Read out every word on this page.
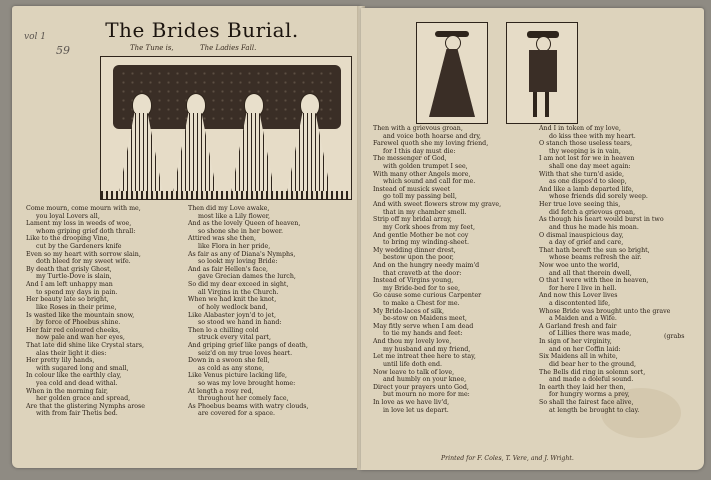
vol 1
59
The Brides Burial.
The Tune is,	The Ladies Fall.
Come mourn, come mourn with me,
you loyal Lovers all,
Lament my loss in weeds of woe,
whom griping grief doth thrall:
Like to the drooping Vine,
cut by the Gardeners knife
Even so my heart with sorrow slain,
doth bleed for my sweet wife.
By death that grisly Ghost,
my Turtle-Dove is slain,
And I am left unhappy man
to spend my days in pain.
Her beauty late so bright,
like Roses in their prime,
Is wasted like the mountain snow,
by force of Phoebus shine.
Her fair red coloured cheeks,
now pale and wan her eyes,
That late did shine like Crystal stars,
alas their light it dies:
Her pretty lily hands,
with sugared long and small,
In colour like the earthly clay,
yea cold and dead withal.
When in the morning fair,
her golden grace and spread,
Are that the glistering Nymphs arose
with from fair Thetis bed.
Then did my Love awake,
most like a Lily flower,
And as the lovely Queen of heaven,
so shone she in her bower.
Attired was she then,
like Flora in her pride,
As fair as any of Diana's Nymphs,
so lookt my loving Bride:
And as fair Hellen's face,
gave Grecian dames the lurch,
So did my dear exceed in sight,
all Virgins in the Church.
When we had knit the knot,
of holy wedlock band,
Like Alabaster joyn'd to jet,
so stood we hand in hand:
Then lo a chilling cold
struck every vital part,
And griping grief like pangs of death,
seiz'd on my true loves heart.
Down in a swoon she fell,
as cold as any stone,
Like Venus picture lacking life,
so was my love brought home:
At length a rosy red,
throughout her comely face,
As Phoebus beams with watry clouds,
are covered for a space.
Then with a grievous groan,
and voice both hoarse and dry,
Farewel quoth she my loving friend,
for I this day must die:
The messenger of God,
with golden trumpet I see,
With many other Angels more,
which sound and call for me.
Instead of musick sweet
go toll my passing bell,
And with sweet flowers strow my grave,
that in my chamber smell.
Strip off my bridal array,
my Cork shoes from my feet,
And gentle Mother be not coy
to bring my winding-sheet.
My wedding dinner drest,
bestow upon the poor,
And on the hungry needy maim'd
that cravetb at the door:
Instead of Virgins young,
my Bride-bed for to see,
Go cause some curious Carpenter
to make a Chest for me.
My Bride-laces of silk,
be-stow on Maidens meet,
May fitly serve when I am dead
to tie my hands and feet:
And thou my lovely love,
my husband and my friend,
Let me intreat thee here to stay,
until life doth end.
Now leave to talk of love,
and humbly on your knee,
Direct your prayers unto God,
but mourn no more for me:
In love as we have liv'd,
in love let us depart.
And I in token of my love,
do kiss thee with my heart.
O stanch those useless tears,
thy weeping is in vain,
I am not lost for we in heaven
shall one day meet again:
With that she turn'd aside,
as one dispos'd to sleep,
And like a lamb departed life,
whose friends did sorely weep.
Her true love seeing this,
did fetch a grievous groan,
As though his heart would burst in two
and thus he made his moan.
O dismal inauspicious day,
a day of grief and care,
That hath bereft the sun so bright,
whose beams refresh the air.
Now woe unto the world,
and all that therein dwell,
O that I were with thee in heaven,
for here I live in hell.
And now this Lover lives
a discontented life,
Whose Bride was brought unto the grave
a Maiden and a Wife.
A Garland fresh and fair
of Lillies there was made,
In sign of her virginity,
and on her Coffin laid:
Six Maidens all in white,
did bear her to the ground,
The Bells did ring in solemn sort,
and made a doleful sound.
In earth they laid her then,
for hungry worms a prey,
So shall the fairest face alive,
at length be brought to clay.
(grabs
Printed for F. Coles, T. Vere, and J. Wright.
